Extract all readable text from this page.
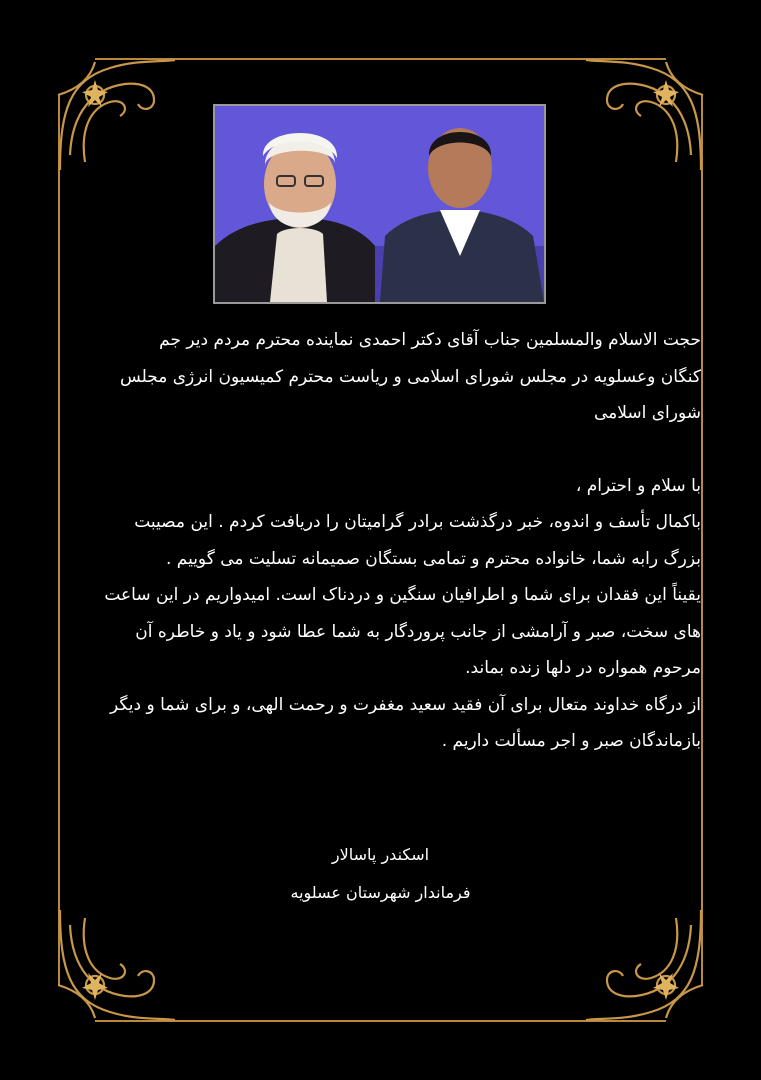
حجت الاسلام والمسلمین جناب آقای دکتر احمدی نماینده محترم مردم دیر جم

کنگان وعسلویه در مجلس شورای اسلامی و ریاست محترم کمیسیون انرژی مجلس

شورای اسلامی

با سلام و احترام ،

باکمال تأسف و اندوه، خبر درگذشت برادر گرامیتان را دریافت کردم . این مصیبت

بزرگ رابه شما، خانواده محترم و تمامی بستگان صمیمانه تسلیت می گوییم .

یقیناً این فقدان برای شما و اطرافیان سنگین و دردناک است. امیدواریم در این ساعت

های سخت، صبر و آرامشی از جانب پروردگار به شما عطا شود و یاد و خاطره آن

مرحوم همواره در دلها زنده بماند.

از درگاه خداوند متعال برای آن فقید سعید مغفرت و رحمت الهی، و برای شما و دیگر

بازماندگان صبر و اجر مسألت داریم .

اسکندر پاسالار
فرماندار شهرستان عسلویه
